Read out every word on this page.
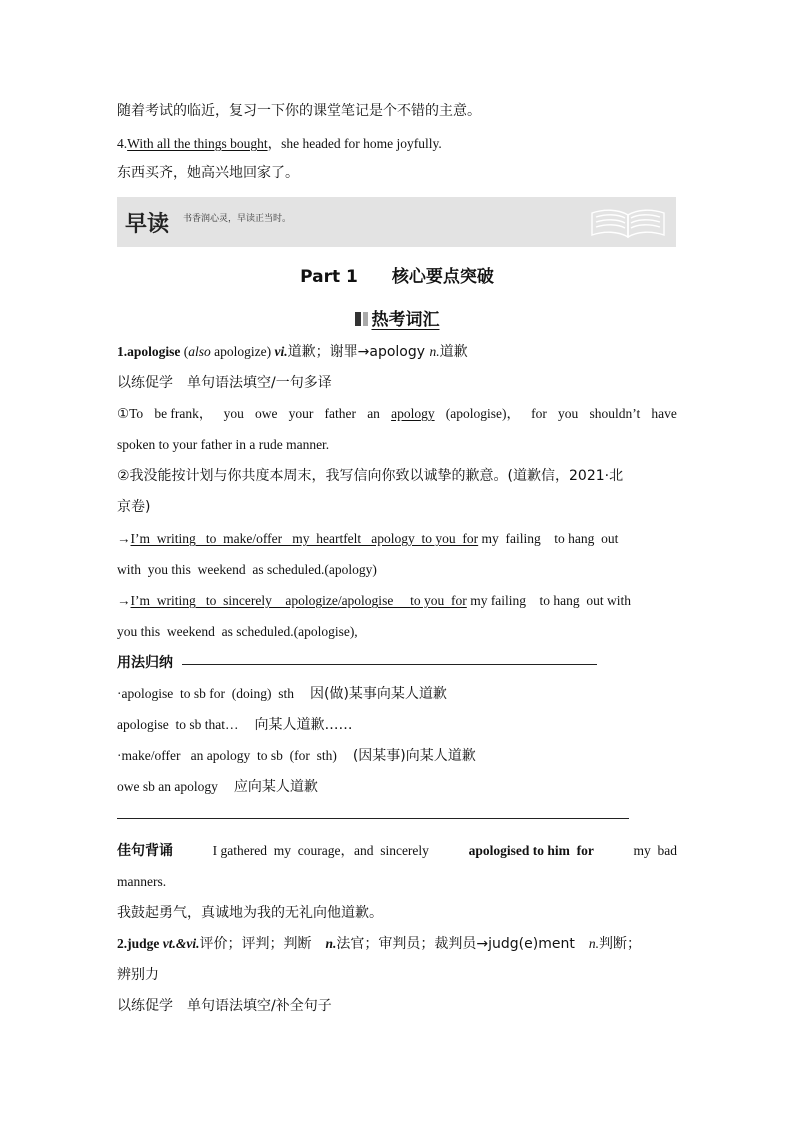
随着考试的临近，复习一下你的课堂笔记是个不错的主意。
4.With all the things bought，she headed for home joyfully.
东西买齐，她高兴地回家了。
早读 书香润心灵，早读正当时。
Part 1　　核心要点突破
热考词汇
1.apologise (also apologize) vi.道歉；谢罪→apology n.道歉
以练促学　单句语法填空/一句多译
①To be frank， you owe your father an apology (apologise)， for you shouldn’t have
spoken to your father in a rude manner.
②我没能按计划与你共度本周末，我写信向你致以诚挚的歉意。(道歉信，2021·北
京卷)
→I’m  writing   to  make/offer   my  heartfelt   apology  to you  for my  failing    to hang  out
with  you this  weekend  as scheduled.(apology)
→I’m  writing   to  sincerely    apologize/apologise     to you  for my failing    to hang  out with
you this  weekend  as scheduled.(apologise),
用法归纳
·apologise  to sb for  (doing)  sth 因(做)某事向某人道歉
apologise  to sb that… 向某人道歉……
·make/offer   an apology  to sb  (for  sth) (因某事)向某人道歉
owe sb an apology 应向某人道歉
佳句背诵	I gathered  my  courage，and  sincerely	apologised to him  for	my  bad
manners.
我鼓起勇气，真诚地为我的无礼向他道歉。
2.judge vt.&vi.评价；评判；判断　n.法官；审判员；裁判员→judg(e)ment　n.判断；
辨别力
以练促学　单句语法填空/补全句子
